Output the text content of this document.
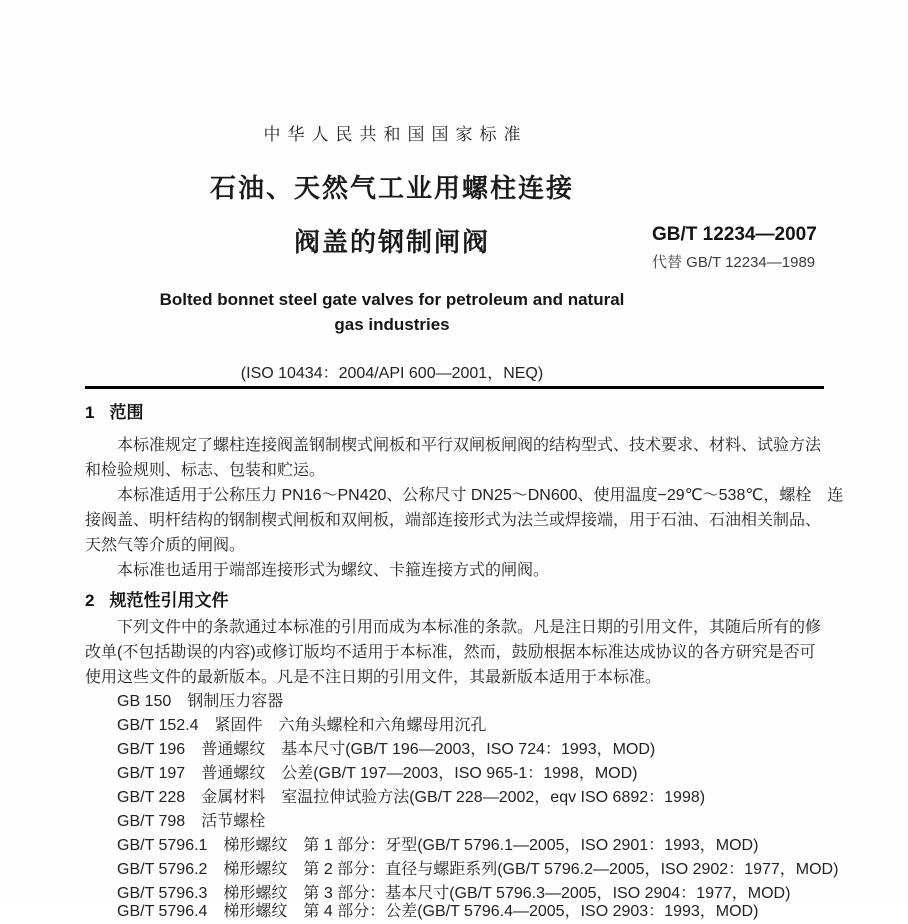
中华人民共和国国家标准
石油、天然气工业用螺柱连接
阀盖的钢制闸阀	GB/T 12234—2007
代替 GB/T 12234—1989
Bolted bonnet steel gate valves for petroleum and natural
gas industries
(ISO 10434：2004/API 600—2001，NEQ)
1 范围
本标准规定了螺柱连接阀盖钢制楔式闸板和平行双闸板闸阀的结构型式、技术要求、材料、试验方法
和检验规则、标志、包装和贮运。
本标准适用于公称压力 PN16～PN420、公称尺寸 DN25～DN600、使用温度−29℃～538℃，螺栓　连
接阀盖、明杆结构的钢制楔式闸板和双闸板，端部连接形式为法兰或焊接端，用于石油、石油相关制品、
天然气等介质的闸阀。
本标准也适用于端部连接形式为螺纹、卡箍连接方式的闸阀。
2 规范性引用文件
下列文件中的条款通过本标准的引用而成为本标准的条款。凡是注日期的引用文件，其随后所有的修
改单(不包括勘误的内容)或修订版均不适用于本标准，然而，鼓励根据本标准达成协议的各方研究是否可
使用这些文件的最新版本。凡是不注日期的引用文件，其最新版本适用于本标准。
GB 150　钢制压力容器
GB/T 152.4　紧固件　六角头螺栓和六角螺母用沉孔
GB/T 196　普通螺纹　基本尺寸(GB/T 196—2003，ISO 724：1993，MOD)
GB/T 197　普通螺纹　公差(GB/T 197—2003，ISO 965-1：1998，MOD)
GB/T 228　金属材料　室温拉伸试验方法(GB/T 228—2002，eqv ISO 6892：1998)
GB/T 798　活节螺栓
GB/T 5796.1　梯形螺纹　第 1 部分：牙型(GB/T 5796.1—2005，ISO 2901：1993，MOD)
GB/T 5796.2　梯形螺纹　第 2 部分：直径与螺距系列(GB/T 5796.2—2005，ISO 2902：1977，MOD)
GB/T 5796.3　梯形螺纹　第 3 部分：基本尺寸(GB/T 5796.3—2005，ISO 2904：1977，MOD)
GB/T 5796.4　梯形螺纹　第 4 部分：公差(GB/T 5796.4—2005，ISO 2903：1993，MOD)
